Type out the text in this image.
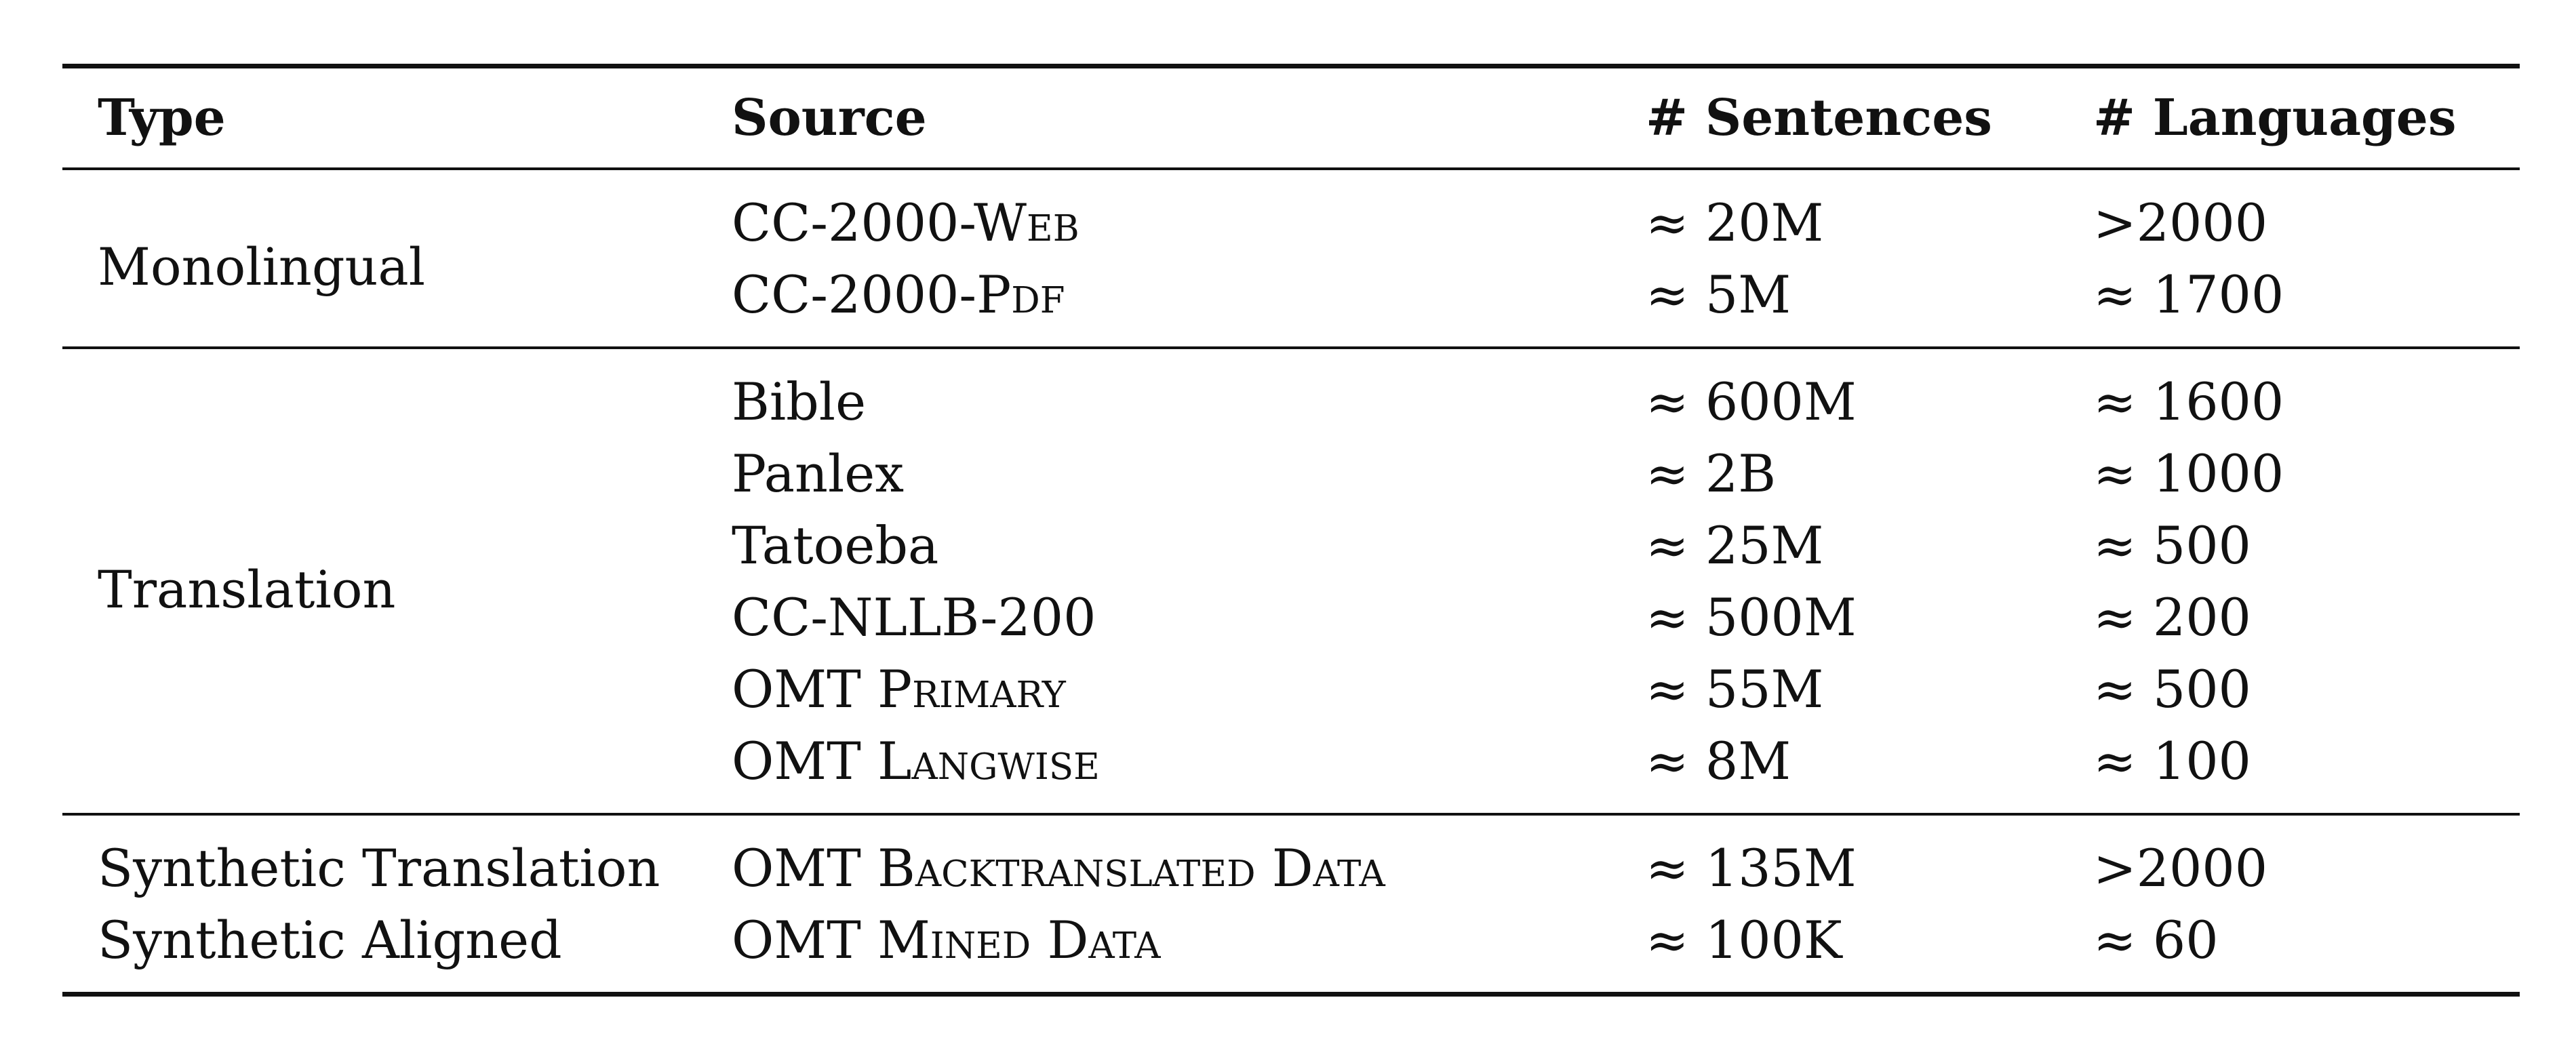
Type	Source	# Sentences	# Languages
Monolingual	CC-2000-Web	≈ 20M	>2000
	CC-2000-Pdf	≈ 5M	≈ 1700
Translation	Bible	≈ 600M	≈ 1600
	Panlex	≈ 2B	≈ 1000
	Tatoeba	≈ 25M	≈ 500
	CC-NLLB-200	≈ 500M	≈ 200
	OMT Primary	≈ 55M	≈ 500
	OMT Langwise	≈ 8M	≈ 100
Synthetic Translation	OMT Backtranslated Data	≈ 135M	>2000
Synthetic Aligned	OMT Mined Data	≈ 100K	≈ 60
